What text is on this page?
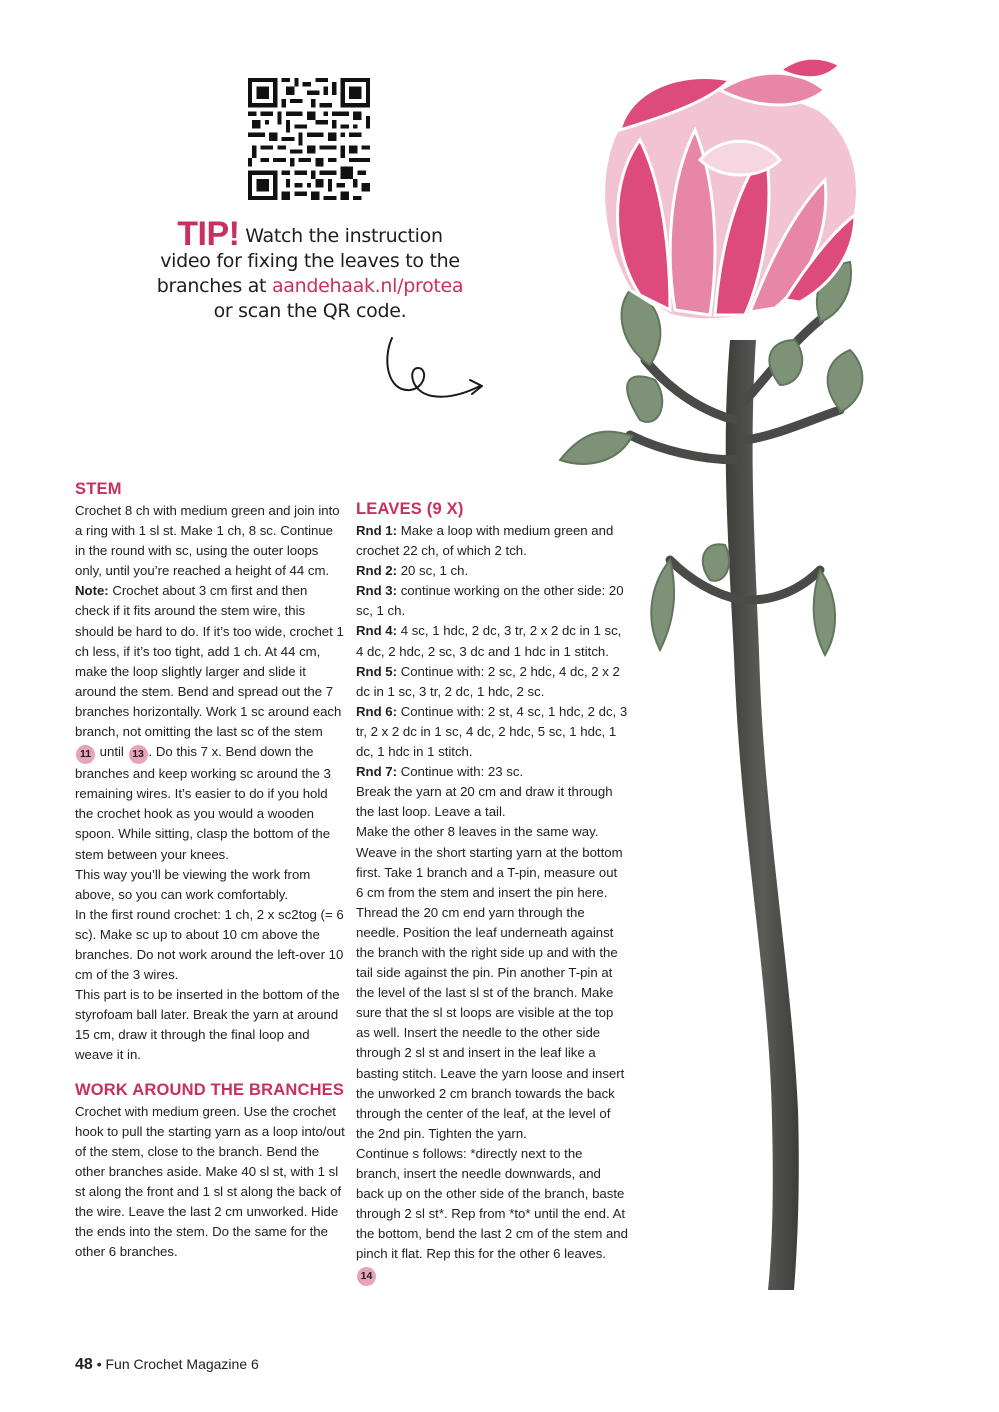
TIP! Watch the instruction video for fixing the leaves to the branches at aandehaak.nl/protea or scan the QR code.
STEM

Crochet 8 ch with medium green and join into a ring with 1 sl st. Make 1 ch, 8 sc. Continue in the round with sc, using the outer loops only, until you’re reached a height of 44 cm.

Note: Crochet about 3 cm first and then check if it fits around the stem wire, this should be hard to do. If it’s too wide, crochet 1 ch less, if it’s too tight, add 1 ch. At 44 cm, make the loop slightly larger and slide it around the stem. Bend and spread out the 7 branches horizontally. Work 1 sc around each branch, not omitting the last sc of the stem 11 until 13 . Do this 7 x. Bend down the branches and keep working sc around the 3 remaining wires. It’s easier to do if you hold the crochet hook as you would a wooden spoon. While sitting, clasp the bottom of the stem between your knees.

This way you’ll be viewing the work from above, so you can work comfortably.

In the first round crochet: 1 ch, 2 x sc2tog (= 6 sc). Make sc up to about 10 cm above the branches. Do not work around the left-over 10 cm of the 3 wires.

This part is to be inserted in the bottom of the styrofoam ball later. Break the yarn at around 15 cm, draw it through the final loop and weave it in.

WORK AROUND THE BRANCHES

Crochet with medium green. Use the crochet hook to pull the starting yarn as a loop into/out of the stem, close to the branch. Bend the other branches aside. Make 40 sl st, with 1 sl st along the front and 1 sl st along the back of the wire. Leave the last 2 cm unworked. Hide the ends into the stem. Do the same for the other 6 branches.

LEAVES (9 X)

Rnd 1: Make a loop with medium green and crochet 22 ch, of which 2 tch.

Rnd 2: 20 sc, 1 ch.

Rnd 3: continue working on the other side: 20 sc, 1 ch.

Rnd 4: 4 sc, 1 hdc, 2 dc, 3 tr, 2 x 2 dc in 1 sc, 4 dc, 2 hdc, 2 sc, 3 dc and 1 hdc in 1 stitch.

Rnd 5: Continue with: 2 sc, 2 hdc, 4 dc, 2 x 2 dc in 1 sc, 3 tr, 2 dc, 1 hdc, 2 sc.

Rnd 6: Continue with: 2 st, 4 sc, 1 hdc, 2 dc, 3 tr, 2 x 2 dc in 1 sc, 4 dc, 2 hdc, 5 sc, 1 hdc, 1 dc, 1 hdc in 1 stitch.

Rnd 7: Continue with: 23 sc.

Break the yarn at 20 cm and draw it through the last loop. Leave a tail.

Make the other 8 leaves in the same way.

Weave in the short starting yarn at the bottom first. Take 1 branch and a T-pin, measure out 6 cm from the stem and insert the pin here. Thread the 20 cm end yarn through the needle. Position the leaf underneath against the branch with the right side up and with the tail side against the pin. Pin another T-pin at the level of the last sl st of the branch. Make sure that the sl st loops are visible at the top as well. Insert the needle to the other side through 2 sl st and insert in the leaf like a basting stitch. Leave the yarn loose and insert the unworked 2 cm branch towards the back through the center of the leaf, at the level of the 2nd pin. Tighten the yarn.

Continue s follows: *directly next to the branch, insert the needle downwards, and back up on the other side of the branch, baste through 2 sl st*. Rep from *to* until the end. At the bottom, bend the last 2 cm of the stem and pinch it flat. Rep this for the other 6 leaves. 14

48 • Fun Crochet Magazine 6
